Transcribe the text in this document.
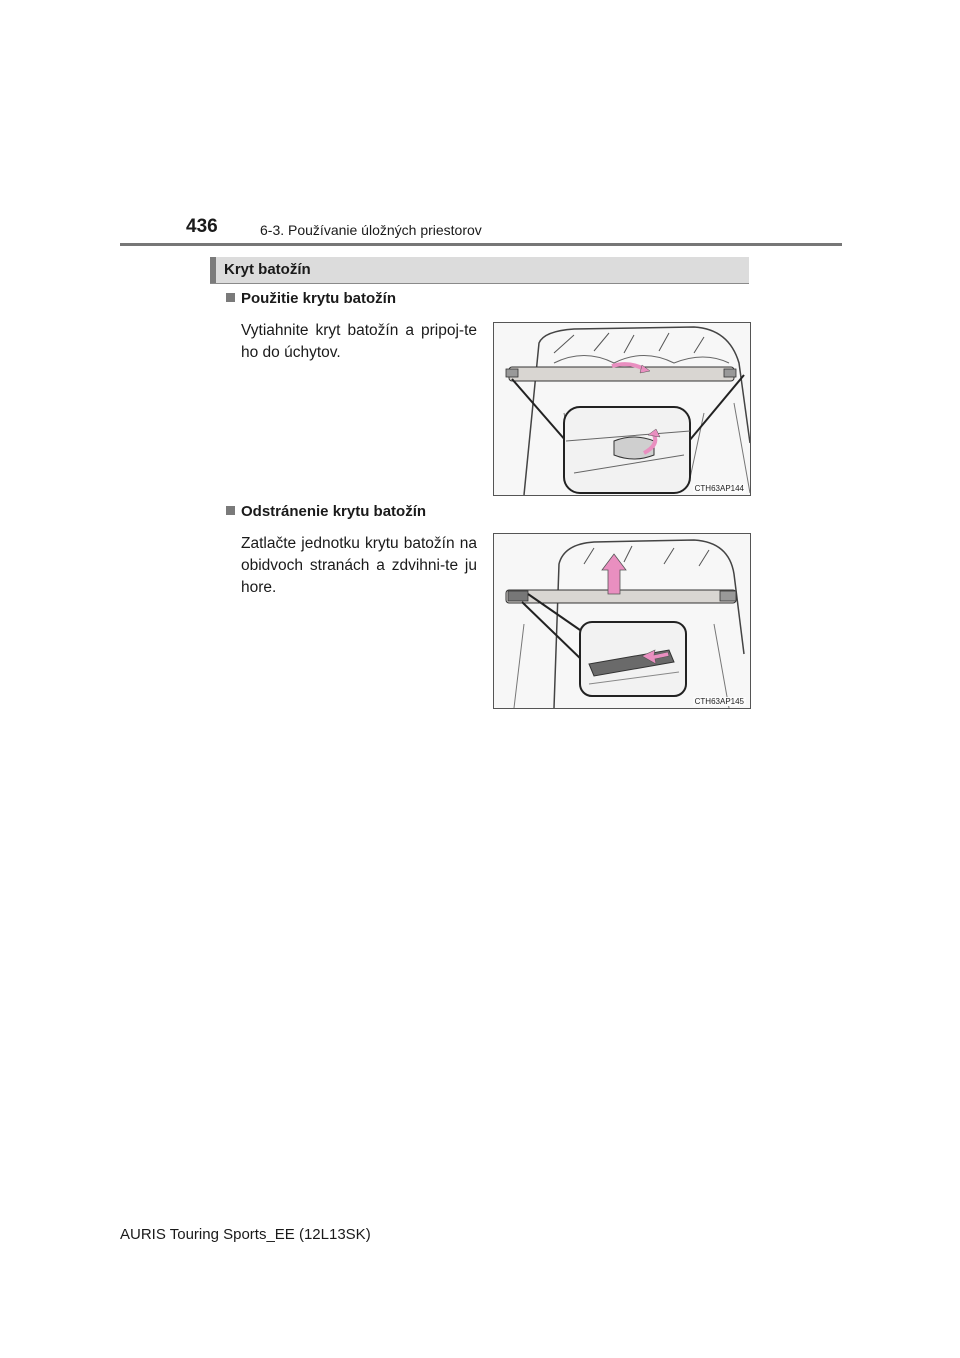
436	6-3. Používanie úložných priestorov
Kryt batožín
Použitie krytu batožín
Vytiahnite kryt batožín a pripoj-te ho do úchytov.
CTH63AP144
Odstránenie krytu batožín
Zatlačte jednotku krytu batožín na obidvoch stranách a zdvihni-te ju hore.
CTH63AP145
AURIS Touring Sports_EE (12L13SK)
